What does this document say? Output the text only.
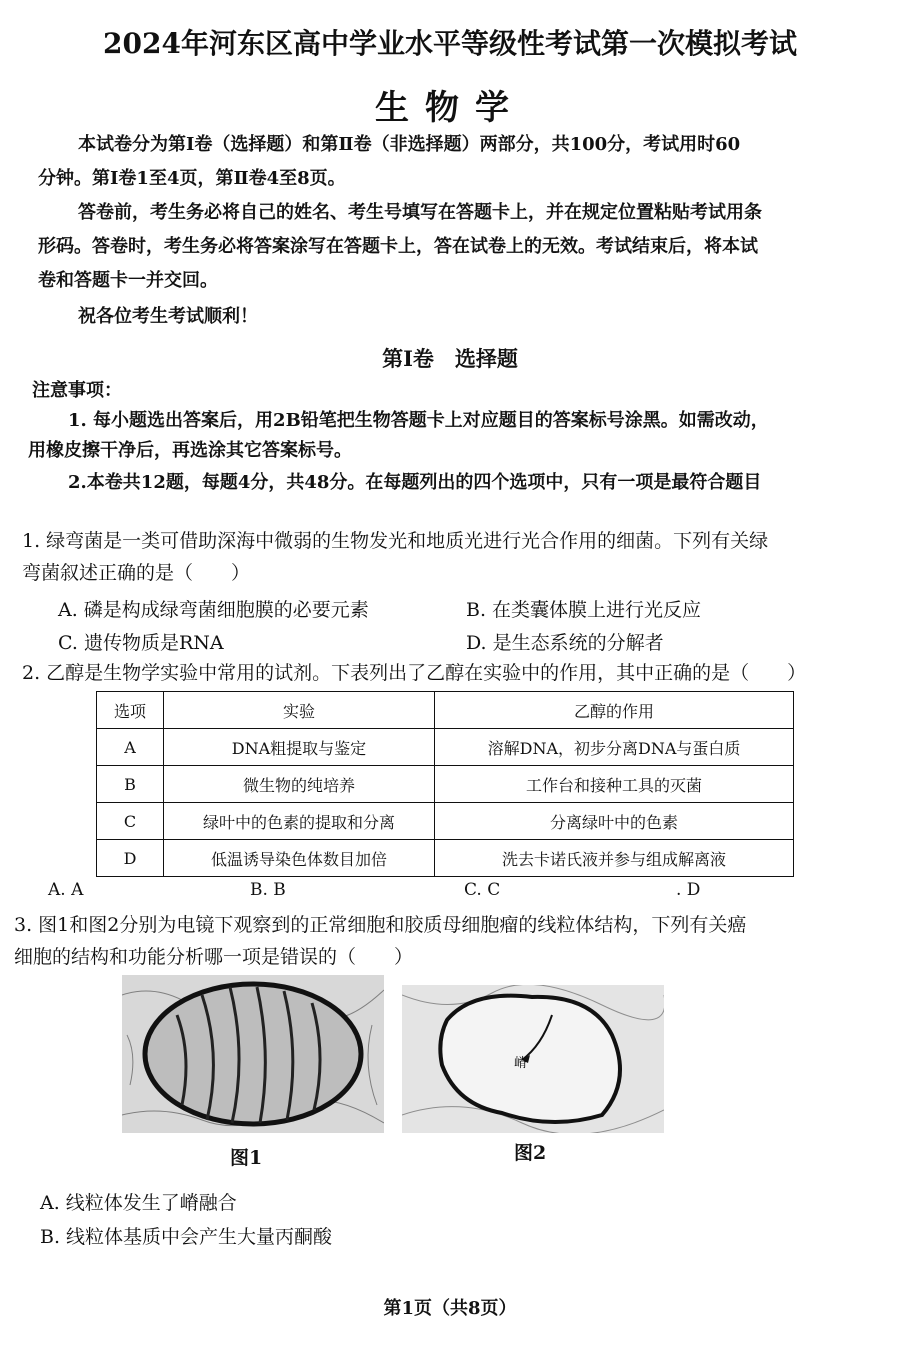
2024年河东区高中学业水平等级性考试第一次模拟考试
生物学
本试卷分为第Ⅰ卷（选择题）和第Ⅱ卷（非选择题）两部分，共100分，考试用时60
分钟。第Ⅰ卷1至4页，第Ⅱ卷4至8页。
答卷前，考生务必将自己的姓名、考生号填写在答题卡上，并在规定位置粘贴考试用条
形码。答卷时，考生务必将答案涂写在答题卡上，答在试卷上的无效。考试结束后，将本试
卷和答题卡一并交回。
祝各位考生考试顺利！
第Ⅰ卷　选择题
注意事项：
1. 每小题选出答案后，用2B铅笔把生物答题卡上对应题目的答案标号涂黑。如需改动，
用橡皮擦干净后，再选涂其它答案标号。
2.本卷共12题，每题4分，共48分。在每题列出的四个选项中，只有一项是最符合题目
1. 绿弯菌是一类可借助深海中微弱的生物发光和地质光进行光合作用的细菌。下列有关绿
弯菌叙述正确的是（　　）
A. 磷是构成绿弯菌细胞膜的必要元素	B. 在类囊体膜上进行光反应
C. 遗传物质是RNA	D. 是生态系统的分解者
2. 乙醇是生物学实验中常用的试剂。下表列出了乙醇在实验中的作用，其中正确的是（　　）
选项	实验	乙醇的作用
A	DNA粗提取与鉴定	溶解DNA，初步分离DNA与蛋白质
B	微生物的纯培养	工作台和接种工具的灭菌
C	绿叶中的色素的提取和分离	分离绿叶中的色素
D	低温诱导染色体数目加倍	洗去卡诺氏液并参与组成解离液
A. A	B. B	C. C	. D
3. 图1和图2分别为电镜下观察到的正常细胞和胶质母细胞瘤的线粒体结构，下列有关癌
细胞的结构和功能分析哪一项是错误的（　　）
嵴
图1	图2
A. 线粒体发生了嵴融合
B. 线粒体基质中会产生大量丙酮酸
第1页（共8页）
